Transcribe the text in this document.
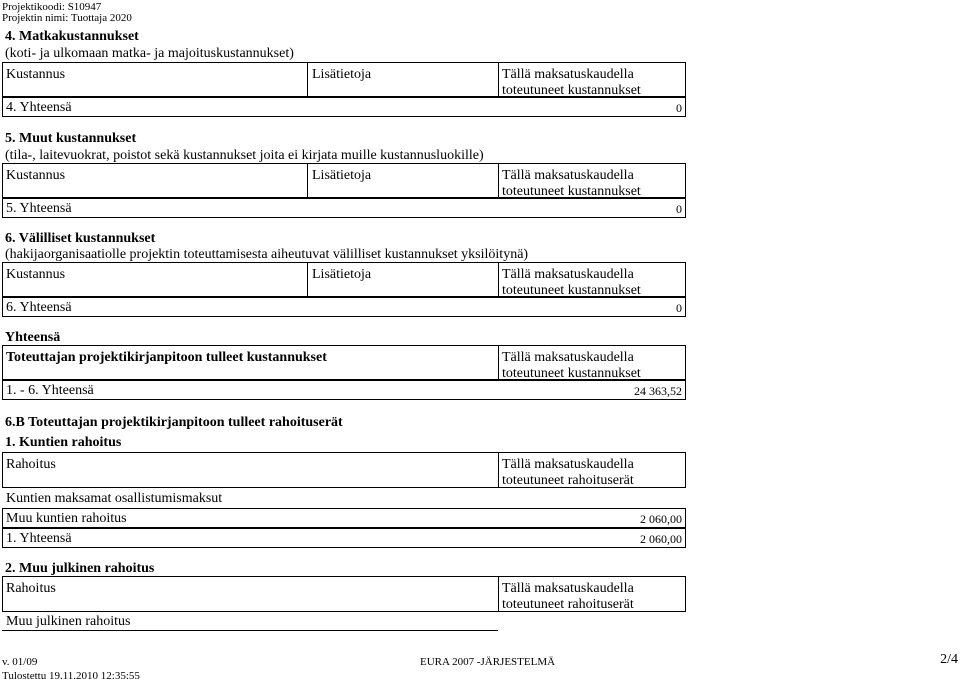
Projektikoodi: S10947
Projektin nimi: Tuottaja 2020
4. Matkakustannukset
(koti- ja ulkomaan matka- ja majoituskustannukset)
Kustannus	Lisätietoja	Tällä maksatuskaudella
toteutuneet kustannukset
4. Yhteensä	0
5. Muut kustannukset
(tila-, laitevuokrat, poistot sekä kustannukset joita ei kirjata muille kustannusluokille)
Kustannus	Lisätietoja	Tällä maksatuskaudella
toteutuneet kustannukset
5. Yhteensä	0
6. Välilliset kustannukset
(hakijaorganisaatiolle projektin toteuttamisesta aiheutuvat välilliset kustannukset yksilöitynä)
Kustannus	Lisätietoja	Tällä maksatuskaudella
toteutuneet kustannukset
6. Yhteensä	0
Yhteensä
Toteuttajan projektikirjanpitoon tulleet kustannukset	Tällä maksatuskaudella
toteutuneet kustannukset
1. - 6. Yhteensä	24 363,52
6.B Toteuttajan projektikirjanpitoon tulleet rahoituserät
1. Kuntien rahoitus
Rahoitus	Tällä maksatuskaudella
toteutuneet rahoituserät
Kuntien maksamat osallistumismaksut
Muu kuntien rahoitus	2 060,00
1. Yhteensä	2 060,00
2. Muu julkinen rahoitus
Rahoitus	Tällä maksatuskaudella
toteutuneet rahoituserät
Muu julkinen rahoitus
v. 01/09	EURA 2007 -JÄRJESTELMÄ	2/4
Tulostettu 19.11.2010 12:35:55
